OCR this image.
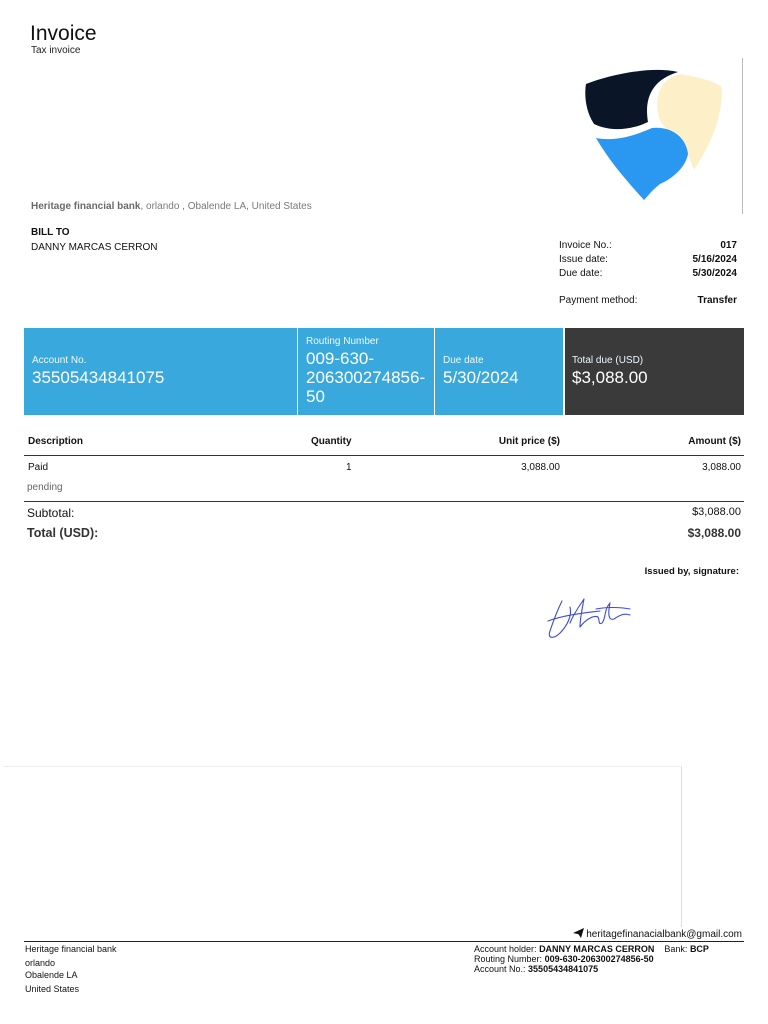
Invoice
Tax invoice
Heritage financial bank, orlando , Obalende LA, United States
BILL TO
DANNY MARCAS CERRON	Invoice No.:	017
Issue date:	5/16/2024
Due date:	5/30/2024
Payment method:	Transfer
Account No.
35505434841075
Routing Number
009-630-
206300274856-
50
Due date
5/30/2024
Total due (USD)
$3,088.00
Description	Quantity	Unit price ($)	Amount ($)
Paid	1	3,088.00	3,088.00
pending
Subtotal:	$3,088.00
Total (USD):	$3,088.00
Issued by, signature:
heritagefinanacialbank@gmail.com
Heritage financial bank
orlando
Obalende LA
United States
Account holder: DANNY MARCAS CERRON Bank: BCP
Routing Number: 009-630-206300274856-50
Account No.: 35505434841075
